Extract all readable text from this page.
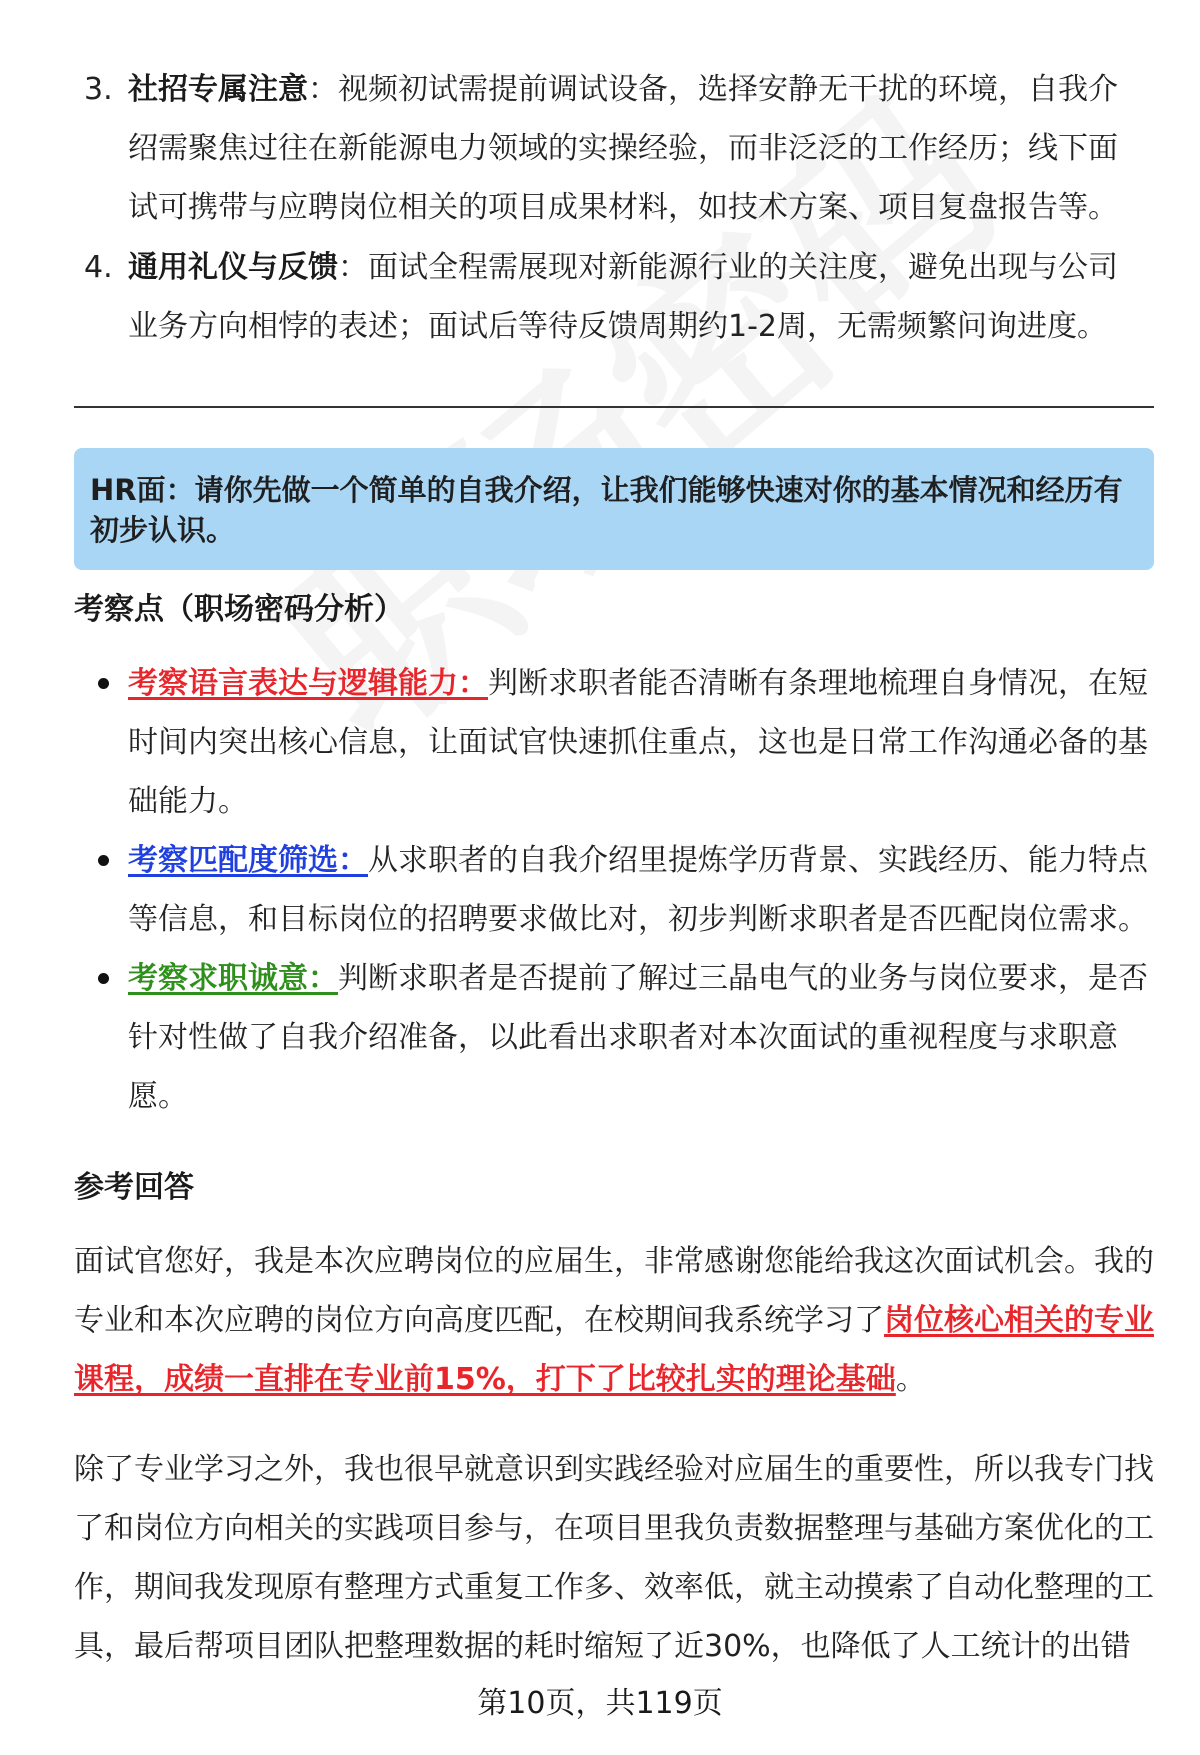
3. 社招专属注意：视频初试需提前调试设备，选择安静无干扰的环境，自我介绍需聚焦过往在新能源电力领域的实操经验，而非泛泛的工作经历；线下面试可携带与应聘岗位相关的项目成果材料，如技术方案、项目复盘报告等。
4. 通用礼仪与反馈：面试全程需展现对新能源行业的关注度，避免出现与公司业务方向相悖的表述；面试后等待反馈周期约1-2周，无需频繁问询进度。
HR面：请你先做一个简单的自我介绍，让我们能够快速对你的基本情况和经历有初步认识。
考察点（职场密码分析）
考察语言表达与逻辑能力：判断求职者能否清晰有条理地梳理自身情况，在短时间内突出核心信息，让面试官快速抓住重点，这也是日常工作沟通必备的基础能力。
考察匹配度筛选：从求职者的自我介绍里提炼学历背景、实践经历、能力特点等信息，和目标岗位的招聘要求做比对，初步判断求职者是否匹配岗位需求。
考察求职诚意：判断求职者是否提前了解过三晶电气的业务与岗位要求，是否针对性做了自我介绍准备，以此看出求职者对本次面试的重视程度与求职意愿。
参考回答
面试官您好，我是本次应聘岗位的应届生，非常感谢您能给我这次面试机会。我的专业和本次应聘的岗位方向高度匹配，在校期间我系统学习了岗位核心相关的专业课程，成绩一直排在专业前15%，打下了比较扎实的理论基础。
除了专业学习之外，我也很早就意识到实践经验对应届生的重要性，所以我专门找了和岗位方向相关的实践项目参与，在项目里我负责数据整理与基础方案优化的工作，期间我发现原有整理方式重复工作多、效率低，就主动摸索了自动化整理的工具，最后帮项目团队把整理数据的耗时缩短了近30%，也降低了人工统计的出错
第10页，共119页
